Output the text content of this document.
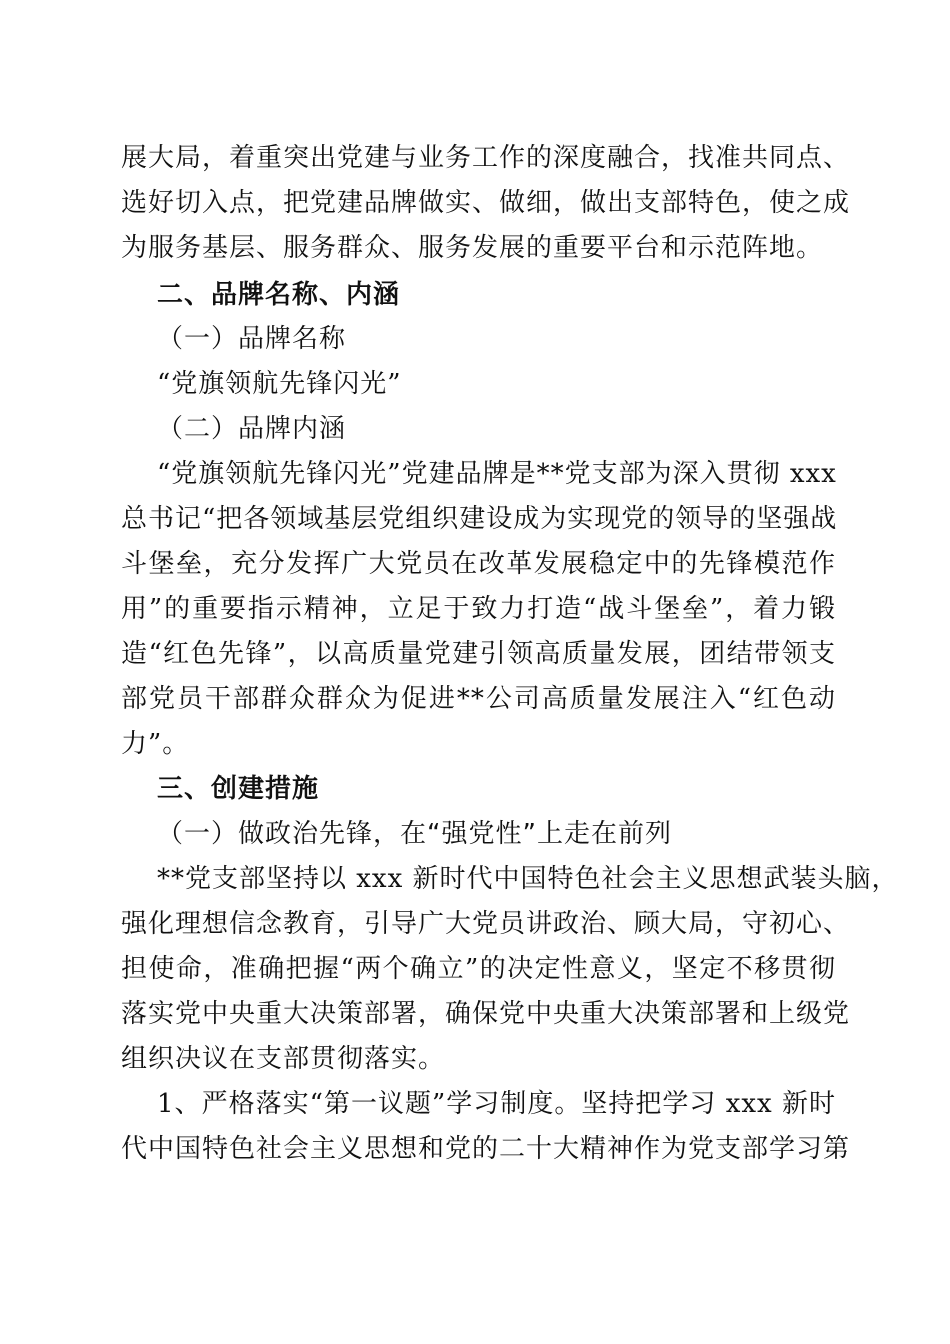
展大局，着重突出党建与业务工作的深度融合，找准共同点、
选好切入点，把党建品牌做实、做细，做出支部特色，使之成
为服务基层、服务群众、服务发展的重要平台和示范阵地。
二、品牌名称、内涵
（一）品牌名称
“党旗领航先锋闪光”
（二）品牌内涵
“党旗领航先锋闪光”党建品牌是**党支部为深入贯彻 xxx
总书记“把各领域基层党组织建设成为实现党的领导的坚强战
斗堡垒，充分发挥广大党员在改革发展稳定中的先锋模范作
用”的重要指示精神，立足于致力打造“战斗堡垒”，着力锻
造“红色先锋”，以高质量党建引领高质量发展，团结带领支
部党员干部群众群众为促进**公司高质量发展注入“红色动
力”。
三、创建措施
（一）做政治先锋，在“强党性”上走在前列
**党支部坚持以 xxx 新时代中国特色社会主义思想武装头脑，
强化理想信念教育，引导广大党员讲政治、顾大局，守初心、
担使命，准确把握“两个确立”的决定性意义，坚定不移贯彻
落实党中央重大决策部署，确保党中央重大决策部署和上级党
组织决议在支部贯彻落实。
1、严格落实“第一议题”学习制度。坚持把学习 xxx 新时
代中国特色社会主义思想和党的二十大精神作为党支部学习第
